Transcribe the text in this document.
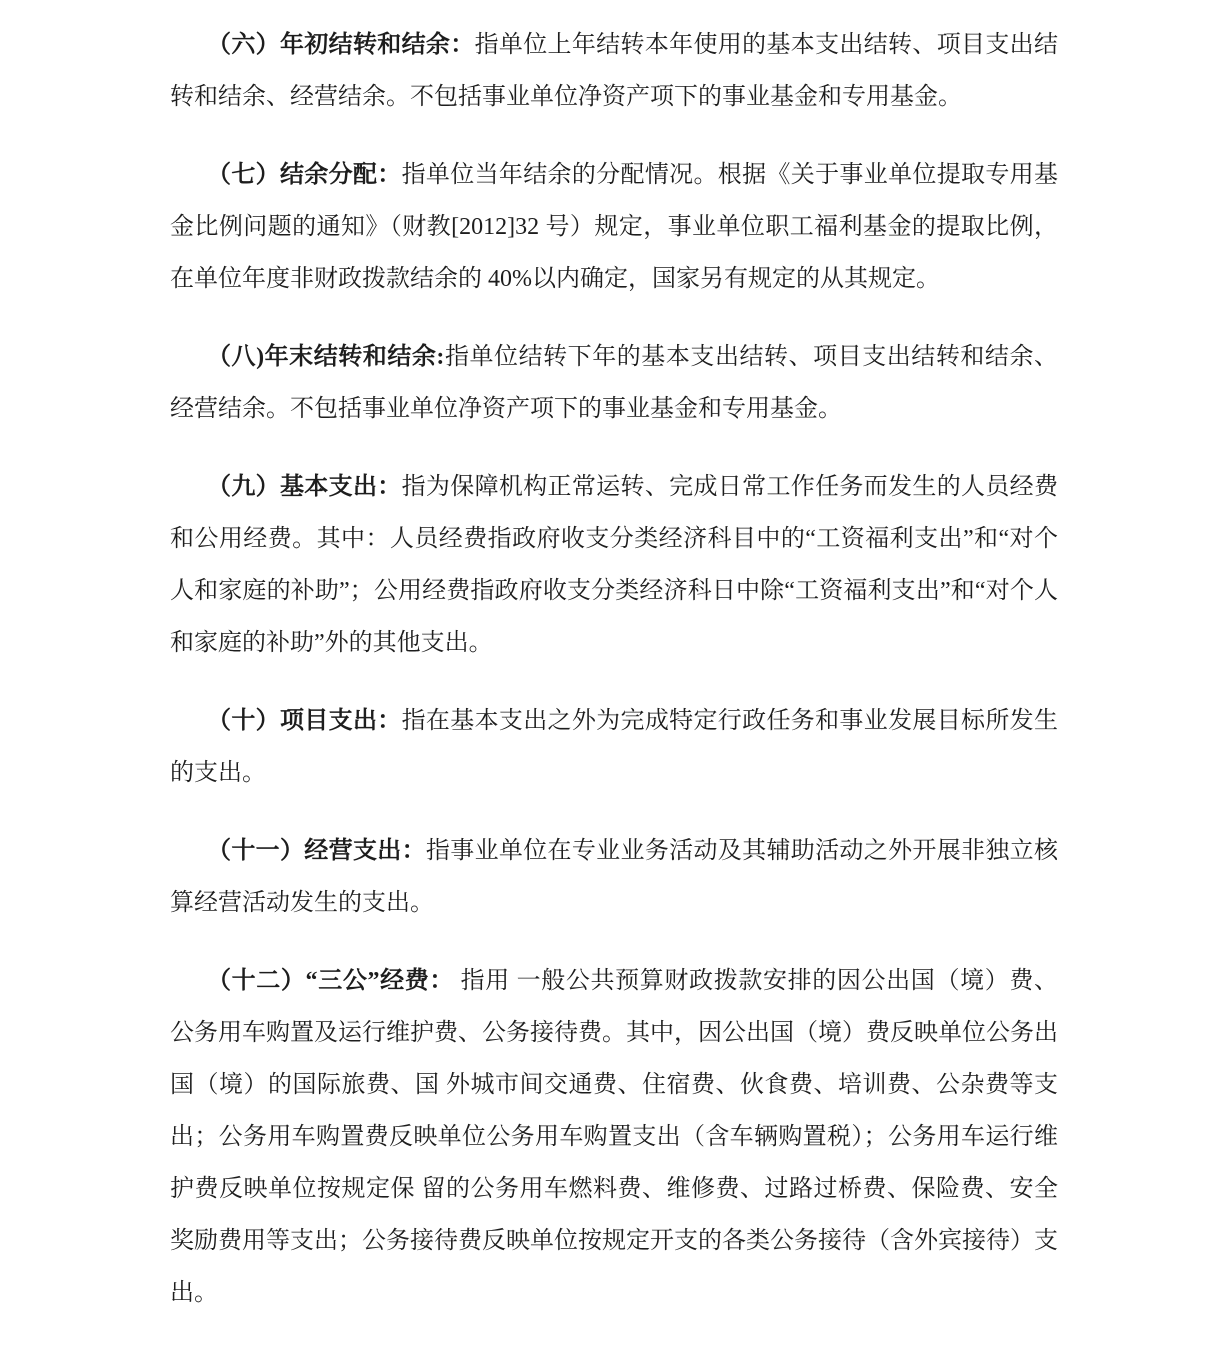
（六）年初结转和结余：指单位上年结转本年使用的基本支出结转、项目支出结转和结余、经营结余。不包括事业单位净资产项下的事业基金和专用基金。

（七）结余分配：指单位当年结余的分配情况。根据《关于事业单位提取专用基金比例问题的通知》（财教[2012]32 号）规定，事业单位职工福利基金的提取比例，在单位年度非财政拨款结余的 40%以内确定，国家另有规定的从其规定。

（八)年末结转和结余:指单位结转下年的基本支出结转、项目支出结转和结余、经营结余。不包括事业单位净资产项下的事业基金和专用基金。

（九）基本支出：指为保障机构正常运转、完成日常工作任务而发生的人员经费和公用经费。其中：人员经费指政府收支分类经济科目中的“工资福利支出”和“对个人和家庭的补助”；公用经费指政府收支分类经济科日中除“工资福利支出”和“对个人和家庭的补助”外的其他支出。

（十）项目支出：指在基本支出之外为完成特定行政任务和事业发展目标所发生的支出。

（十一）经营支出：指事业单位在专业业务活动及其辅助活动之外开展非独立核算经营活动发生的支出。

（十二）“三公”经费： 指用 一般公共预算财政拨款安排的因公出国（境）费、公务用车购置及运行维护费、公务接待费。其中，因公出国（境）费反映单位公务出国（境）的国际旅费、国 外城市间交通费、住宿费、伙食费、培训费、公杂费等支出；公务用车购置费反映单位公务用车购置支出（含车辆购置税）；公务用车运行维护费反映单位按规定保 留的公务用车燃料费、维修费、过路过桥费、保险费、安全奖励费用等支出；公务接待费反映单位按规定开支的各类公务接待（含外宾接待）支出。
